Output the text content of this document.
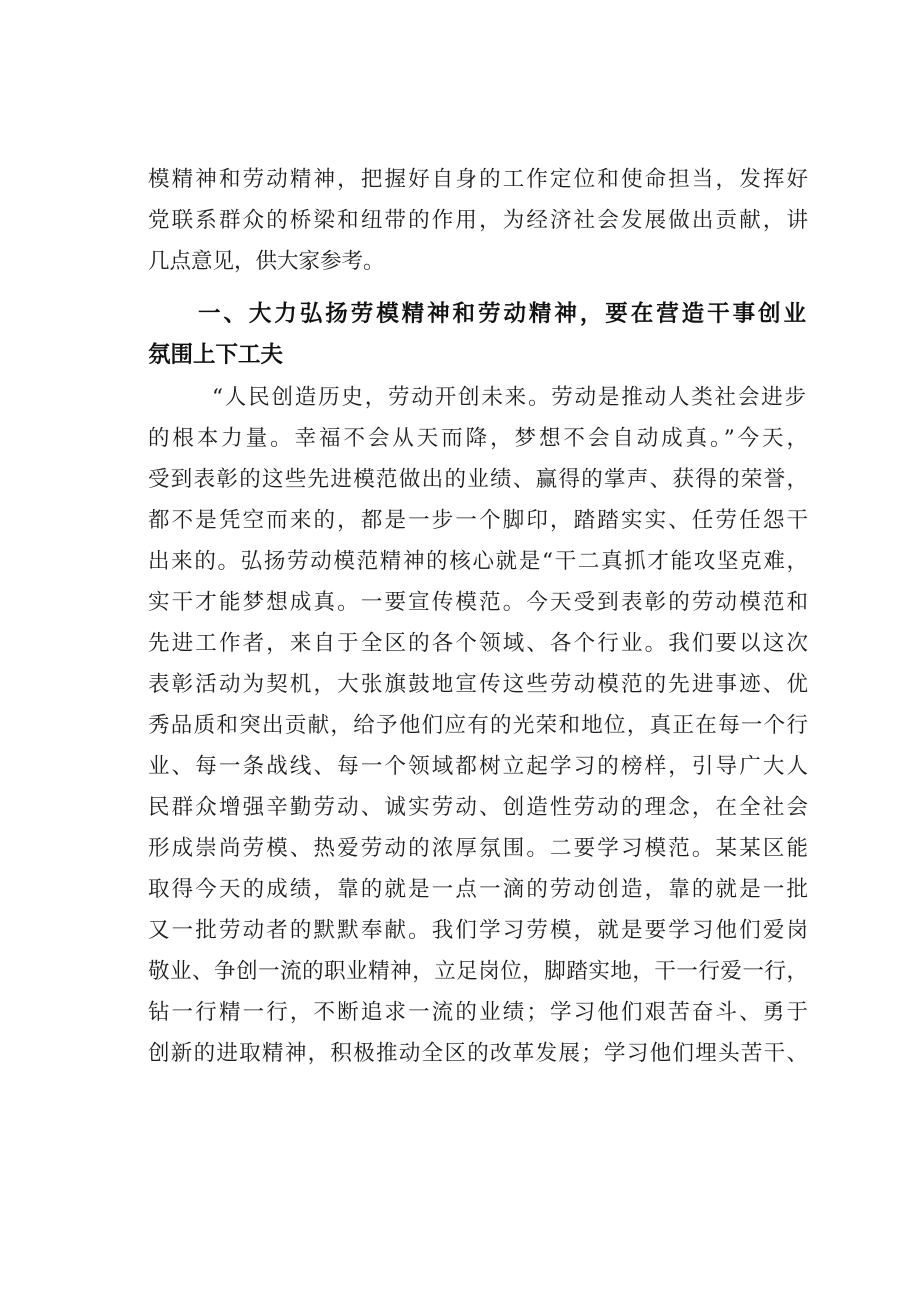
模精神和劳动精神，把握好自身的工作定位和使命担当，发挥好
党联系群众的桥梁和纽带的作用，为经济社会发展做出贡献，讲
几点意见，供大家参考。
一、大力弘扬劳模精神和劳动精神，要在营造干事创业
氛围上下工夫
“人民创造历史，劳动开创未来。劳动是推动人类社会进步
的根本力量。幸福不会从天而降，梦想不会自动成真。”今天，
受到表彰的这些先进模范做出的业绩、赢得的掌声、获得的荣誉，
都不是凭空而来的，都是一步一个脚印，踏踏实实、任劳任怨干
出来的。弘扬劳动模范精神的核心就是“干二真抓才能攻坚克难，
实干才能梦想成真。一要宣传模范。今天受到表彰的劳动模范和
先进工作者，来自于全区的各个领域、各个行业。我们要以这次
表彰活动为契机，大张旗鼓地宣传这些劳动模范的先进事迹、优
秀品质和突出贡献，给予他们应有的光荣和地位，真正在每一个行
业、每一条战线、每一个领域都树立起学习的榜样，引导广大人
民群众增强辛勤劳动、诚实劳动、创造性劳动的理念，在全社会
形成崇尚劳模、热爱劳动的浓厚氛围。二要学习模范。某某区能
取得今天的成绩，靠的就是一点一滴的劳动创造，靠的就是一批
又一批劳动者的默默奉献。我们学习劳模，就是要学习他们爱岗
敬业、争创一流的职业精神，立足岗位，脚踏实地，干一行爱一行，
钻一行精一行，不断追求一流的业绩；学习他们艰苦奋斗、勇于
创新的进取精神，积极推动全区的改革发展；学习他们埋头苦干、
